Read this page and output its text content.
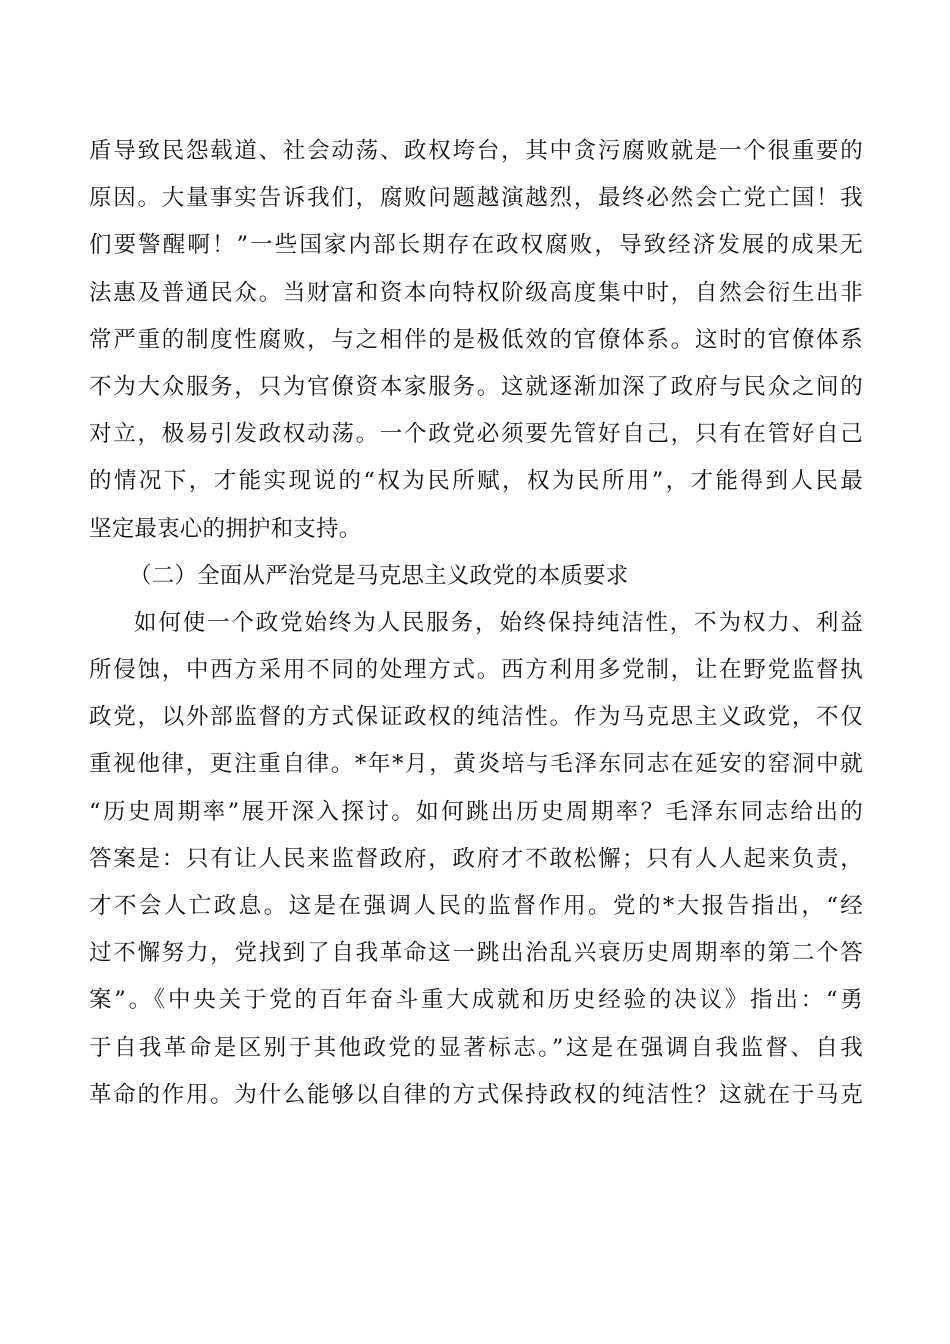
盾导致民怨载道、社会动荡、政权垮台，其中贪污腐败就是一个很重要的
原因。大量事实告诉我们，腐败问题越演越烈，最终必然会亡党亡国！我
们要警醒啊！”一些国家内部长期存在政权腐败，导致经济发展的成果无
法惠及普通民众。当财富和资本向特权阶级高度集中时，自然会衍生出非
常严重的制度性腐败，与之相伴的是极低效的官僚体系。这时的官僚体系
不为大众服务，只为官僚资本家服务。这就逐渐加深了政府与民众之间的
对立，极易引发政权动荡。一个政党必须要先管好自己，只有在管好自己
的情况下，才能实现说的“权为民所赋，权为民所用”，才能得到人民最
坚定最衷心的拥护和支持。
（二）全面从严治党是马克思主义政党的本质要求
如何使一个政党始终为人民服务，始终保持纯洁性，不为权力、利益
所侵蚀，中西方采用不同的处理方式。西方利用多党制，让在野党监督执
政党，以外部监督的方式保证政权的纯洁性。作为马克思主义政党，不仅
重视他律，更注重自律。*年*月，黄炎培与毛泽东同志在延安的窑洞中就
“历史周期率”展开深入探讨。如何跳出历史周期率？毛泽东同志给出的
答案是：只有让人民来监督政府，政府才不敢松懈；只有人人起来负责，
才不会人亡政息。这是在强调人民的监督作用。党的*大报告指出，“经
过不懈努力，党找到了自我革命这一跳出治乱兴衰历史周期率的第二个答
案”。《中央关于党的百年奋斗重大成就和历史经验的决议》指出：“勇
于自我革命是区别于其他政党的显著标志。”这是在强调自我监督、自我
革命的作用。为什么能够以自律的方式保持政权的纯洁性？这就在于马克
